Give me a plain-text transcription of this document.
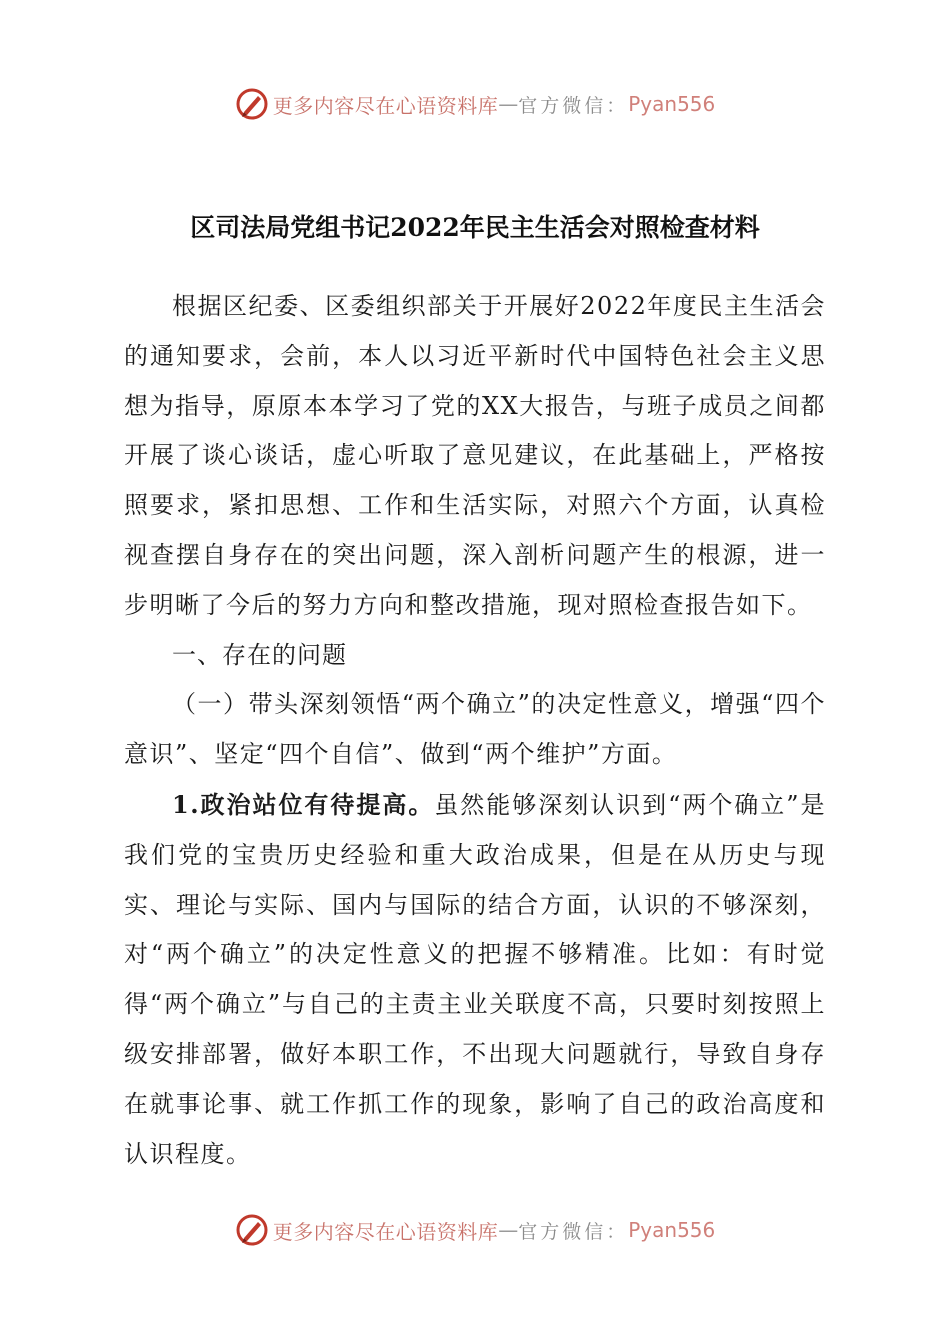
更多内容尽在心语资料库 — 官方微信： Pyan556
区司法局党组书记2022年民主生活会对照检查材料

根据区纪委、区委组织部关于开展好2022年度民主生活会的通知要求，会前，本人以习近平新时代中国特色社会主义思想为指导，原原本本学习了党的XX大报告，与班子成员之间都开展了谈心谈话，虚心听取了意见建议，在此基础上，严格按照要求，紧扣思想、工作和生活实际，对照六个方面，认真检视查摆自身存在的突出问题，深入剖析问题产生的根源，进一步明晰了今后的努力方向和整改措施，现对照检查报告如下。

一、存在的问题

（一）带头深刻领悟“两个确立”的决定性意义，增强“四个意识”、坚定“四个自信”、做到“两个维护”方面。

1.政治站位有待提高。虽然能够深刻认识到“两个确立”是我们党的宝贵历史经验和重大政治成果，但是在从历史与现实、理论与实际、国内与国际的结合方面，认识的不够深刻，对“两个确立”的决定性意义的把握不够精准。比如：有时觉得“两个确立”与自己的主责主业关联度不高，只要时刻按照上级安排部署，做好本职工作，不出现大问题就行，导致自身存在就事论事、就工作抓工作的现象，影响了自己的政治高度和认识程度。

更多内容尽在心语资料库 — 官方微信： Pyan556
